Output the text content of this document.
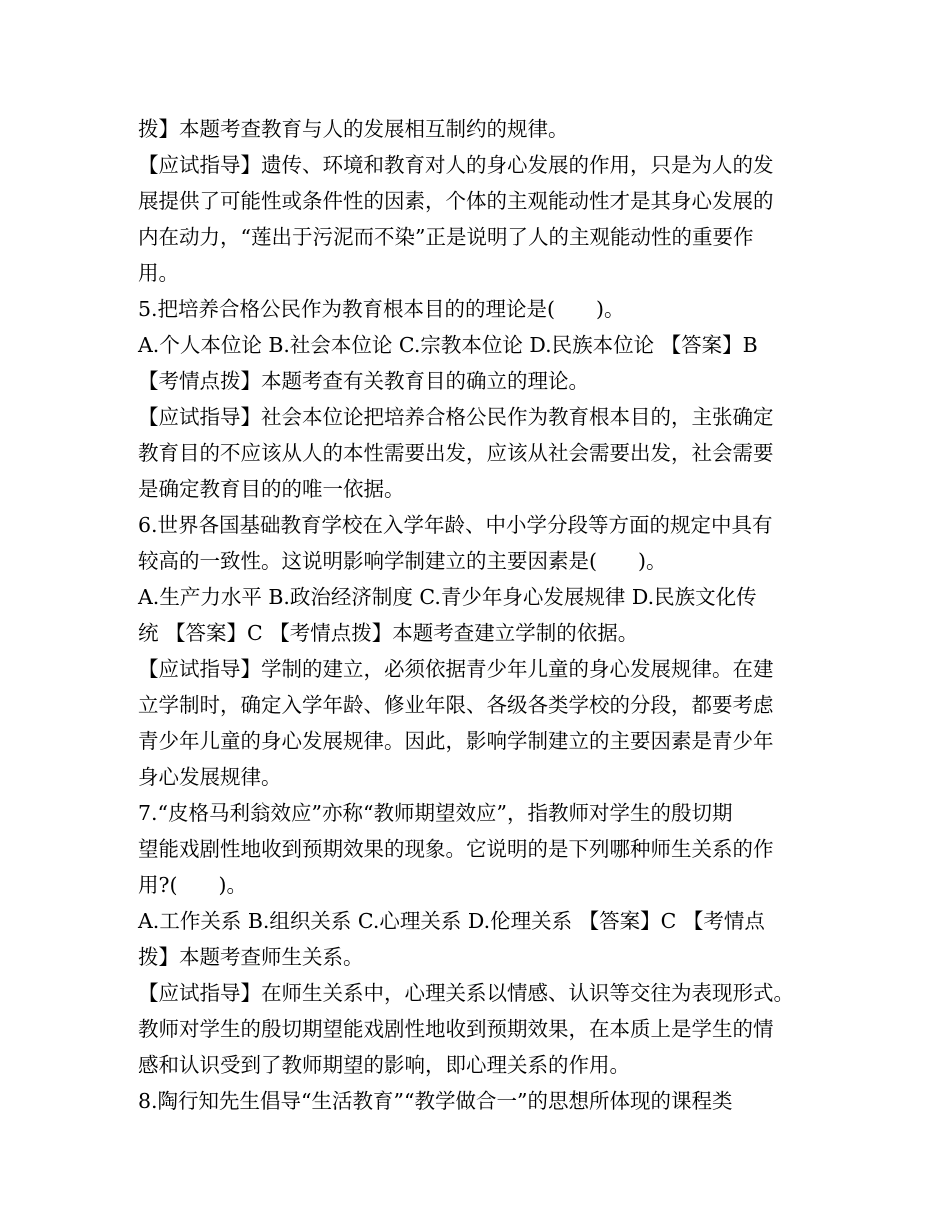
拨】本题考查教育与人的发展相互制约的规律。
【应试指导】遗传、环境和教育对人的身心发展的作用，只是为人的发
展提供了可能性或条件性的因素，个体的主观能动性才是其身心发展的
内在动力，“莲出于污泥而不染”正是说明了人的主观能动性的重要作
用。
5.把培养合格公民作为教育根本目的的理论是(　　)。
A.个人本位论 B.社会本位论 C.宗教本位论 D.民族本位论 【答案】B
【考情点拨】本题考查有关教育目的确立的理论。
【应试指导】社会本位论把培养合格公民作为教育根本目的，主张确定
教育目的不应该从人的本性需要出发，应该从社会需要出发，社会需要
是确定教育目的的唯一依据。
6.世界各国基础教育学校在入学年龄、中小学分段等方面的规定中具有
较高的一致性。这说明影响学制建立的主要因素是(　　)。
A.生产力水平 B.政治经济制度 C.青少年身心发展规律 D.民族文化传
统 【答案】C 【考情点拨】本题考查建立学制的依据。
【应试指导】学制的建立，必须依据青少年儿童的身心发展规律。在建
立学制时，确定入学年龄、修业年限、各级各类学校的分段，都要考虑
青少年儿童的身心发展规律。因此，影响学制建立的主要因素是青少年
身心发展规律。
7.“皮格马利翁效应”亦称“教师期望效应”，指教师对学生的殷切期
望能戏剧性地收到预期效果的现象。它说明的是下列哪种师生关系的作
用?(　　)。
A.工作关系 B.组织关系 C.心理关系 D.伦理关系 【答案】C 【考情点
拨】本题考查师生关系。
【应试指导】在师生关系中，心理关系以情感、认识等交往为表现形式。
教师对学生的殷切期望能戏剧性地收到预期效果，在本质上是学生的情
感和认识受到了教师期望的影响，即心理关系的作用。
8.陶行知先生倡导“生活教育”“教学做合一”的思想所体现的课程类
